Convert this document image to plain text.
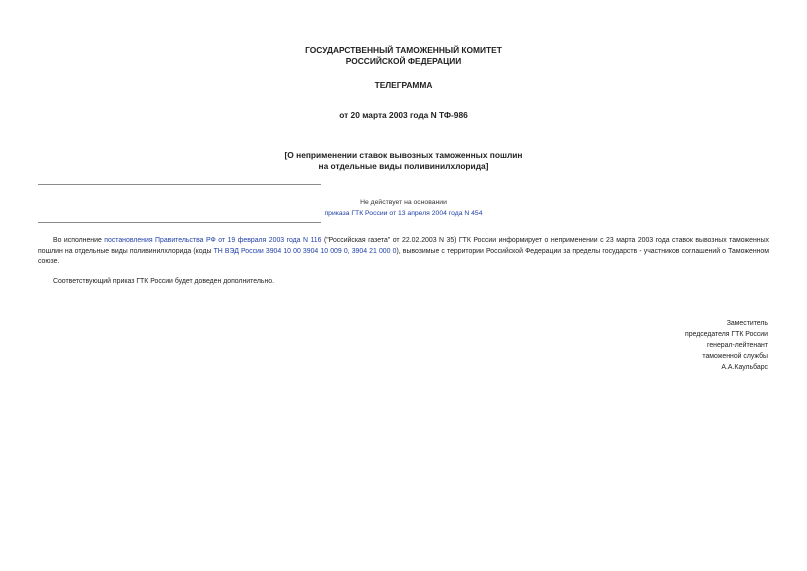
ГОСУДАРСТВЕННЫЙ ТАМОЖЕННЫЙ КОМИТЕТ
РОССИЙСКОЙ ФЕДЕРАЦИИ
ТЕЛЕГРАММА
от 20 марта 2003 года N ТФ-986
[О неприменении ставок вывозных таможенных пошлин
на отдельные виды поливинилхлорида]
Не действует на основании
приказа ГТК России от 13 апреля 2004 года N 454

Во исполнение постановления Правительства РФ от 19 февраля 2003 года N 116 ("Российская газета" от 22.02.2003 N 35) ГТК России информирует о неприменении с 23 марта 2003 года ставок вывозных таможенных пошлин на отдельные виды поливинилхлорида (коды ТН ВЭД России 3904 10 00 3904 10 009 0, 3904 21 000 0), вывозимые с территории Российской Федерации за пределы государств - участников соглашений о Таможенном союзе.

Соответствующий приказ ГТК России будет доведен дополнительно.

Заместитель
председателя ГТК России
генерал-лейтенант
таможенной службы
А.А.Каульбарс
